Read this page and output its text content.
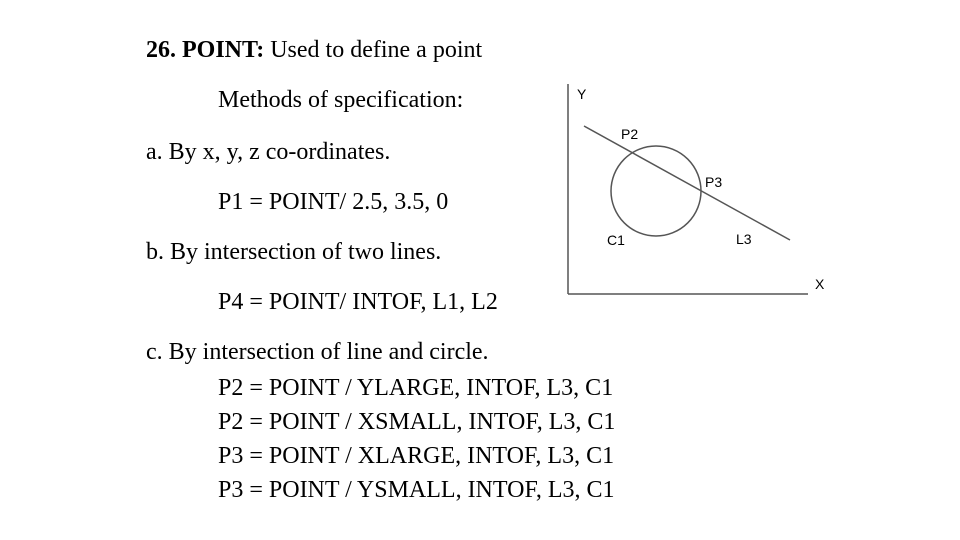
26. POINT: Used to define a point
Methods of specification:
a. By x, y, z co-ordinates.
P1 = POINT/ 2.5, 3.5, 0
b. By intersection of two lines.
P4 = POINT/ INTOF, L1, L2
c. By intersection of line and circle.
P2 = POINT / YLARGE, INTOF, L3, C1
P2 = POINT / XSMALL, INTOF, L3, C1
P3 = POINT / XLARGE, INTOF, L3, C1
P3 = POINT / YSMALL, INTOF, L3, C1
Y
X
P2
P3
C1	L3
